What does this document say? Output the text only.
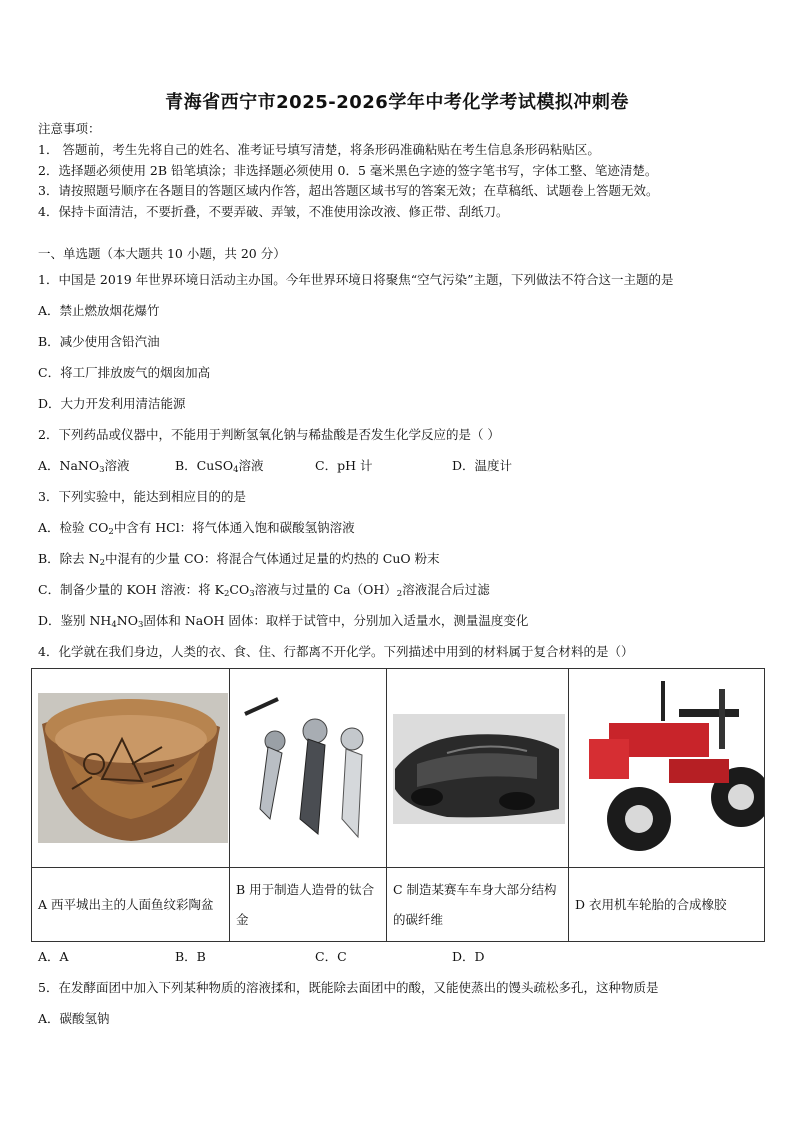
青海省西宁市2025-2026学年中考化学考试模拟冲刺卷
注意事项：
1． 答题前，考生先将自己的姓名、准考证号填写清楚，将条形码准确粘贴在考生信息条形码粘贴区。
2．选择题必须使用 2B 铅笔填涂；非选择题必须使用 0．5 毫米黑色字迹的签字笔书写，字体工整、笔迹清楚。
3．请按照题号顺序在各题目的答题区域内作答，超出答题区域书写的答案无效；在草稿纸、试题卷上答题无效。
4．保持卡面清洁，不要折叠，不要弄破、弄皱，不准使用涂改液、修正带、刮纸刀。
一、单选题（本大题共 10 小题，共 20 分）
1．中国是 2019 年世界环境日活动主办国。今年世界环境日将聚焦“空气污染”主题，下列做法不符合这一主题的是
A．禁止燃放烟花爆竹
B．减少使用含铅汽油
C．将工厂排放废气的烟囱加高
D．大力开发利用清洁能源
2．下列药品或仪器中，不能用于判断氢氧化钠与稀盐酸是否发生化学反应的是（ ）
A．NaNO$_3$溶液	B．CuSO$_4$溶液	C．pH 计	D．温度计
3．下列实验中，能达到相应目的的是
A．检验 $CO_2$中含有 HCl：将气体通入饱和碳酸氢钠溶液
B．除去 $N_2$中混有的少量 CO：将混合气体通过足量的灼热的 CuO 粉末
C．制备少量的 KOH 溶液：将 $K_2CO_3$溶液与过量的 $Ca(OH)_2$溶液混合后过滤
D．鉴别 $NH_4NO_3$固体和 NaOH 固体：取样于试管中，分别加入适量水，测量温度变化
4．化学就在我们身边，人类的衣、食、住、行都离不开化学。下列描述中用到的材料属于复合材料的是（）

A 西平城出主的人面鱼纹彩陶盆	B 用于制造人造骨的钛合金	C 制造某赛车车身大部分结构的碳纤维	D 衣用机车轮胎的合成橡胶
A．A	B．B	C．C	D．D
5．在发酵面团中加入下列某种物质的溶液揉和，既能除去面团中的酸，又能使蒸出的馒头疏松多孔，这种物质是
A．碳酸氢钠
